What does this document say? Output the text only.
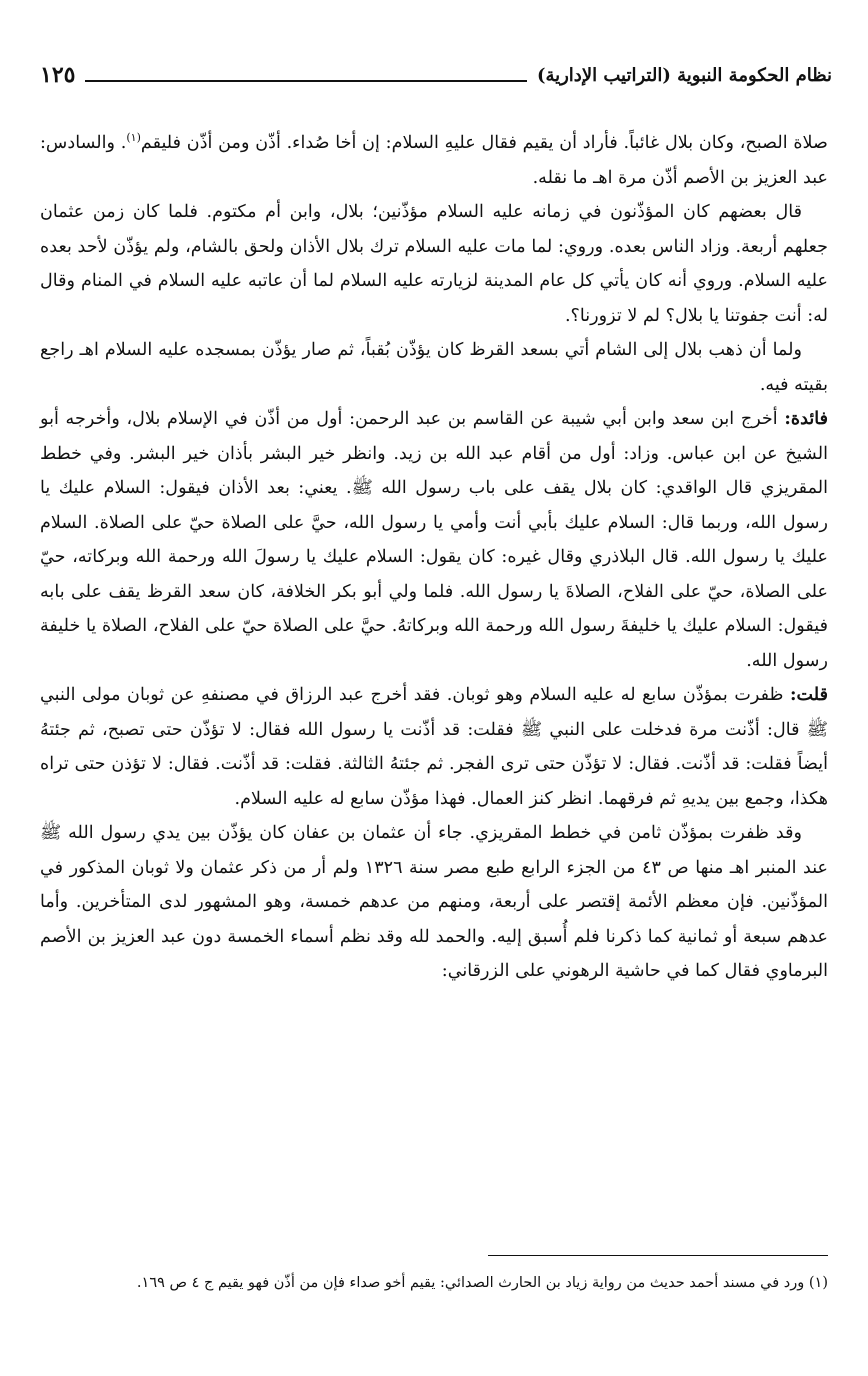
نظام الحكومة النبوية (التراتيب الإدارية)
١٢٥

صلاة الصبح، وكان بلال غائباً. فأراد أن يقيم فقال عليهِ السلام: إن أخا صُداء. أذّن ومن أذّن فليقم$^{(١)}$. والسادس: عبد العزيز بن الأصم أذّن مرة اهـ ما نقله.

قال بعضهم كان المؤذّنون في زمانه عليه السلام مؤذّنين؛ بلال، وابن أم مكتوم. فلما كان زمن عثمان جعلهم أربعة. وزاد الناس بعده. وروي: لما مات عليه السلام ترك بلال الأذان ولحق بالشام، ولم يؤذّن لأحد بعده عليه السلام. وروي أنه كان يأتي كل عام المدينة لزيارته عليه السلام لما أن عاتبه عليه السلام في المنام وقال له: أنت جفوتنا يا بلال؟ لم لا تزورنا؟.

ولما أن ذهب بلال إلى الشام أتي بسعد القرظ كان يؤذّن بُقباً، ثم صار يؤذّن بمسجده عليه السلام اهـ راجع بقيته فيه.

فائدة: أخرج ابن سعد وابن أبي شيبة عن القاسم بن عبد الرحمن: أول من أذّن في الإسلام بلال، وأخرجه أبو الشيخ عن ابن عباس. وزاد: أول من أقام عبد الله بن زيد. وانظر خير البشر بأذان خير البشر. وفي خطط المقريزي قال الواقدي: كان بلال يقف على باب رسول الله ﷺ. يعني: بعد الأذان فيقول: السلام عليك يا رسول الله، وربما قال: السلام عليك بأبي أنت وأمي يا رسول الله، حيَّ على الصلاة حيّ على الصلاة. السلام عليك يا رسول الله. قال البلاذري وقال غيره: كان يقول: السلام عليك يا رسولَ الله ورحمة الله وبركاته، حيّ على الصلاة، حيّ على الفلاح، الصلاةَ يا رسول الله. فلما ولي أبو بكر الخلافة، كان سعد القرظ يقف على بابه فيقول: السلام عليك يا خليفةَ رسول الله ورحمة الله وبركاتهُ. حيَّ على الصلاة حيّ على الفلاح، الصلاة يا خليفة رسول الله.

قلت: ظفرت بمؤذّن سابع له عليه السلام وهو ثوبان. فقد أخرج عبد الرزاق في مصنفهِ عن ثوبان مولى النبي ﷺ قال: أذّنت مرة فدخلت على النبي ﷺ فقلت: قد أذّنت يا رسول الله فقال: لا تؤذّن حتى تصبح، ثم جئتهُ أيضاً فقلت: قد أذّنت. فقال: لا تؤذّن حتى ترى الفجر. ثم جئتهُ الثالثة. فقلت: قد أذّنت. فقال: لا تؤذن حتى تراه هكذا، وجمع بين يديهِ ثم فرقهما. انظر كنز العمال. فهذا مؤذّن سابع له عليه السلام.

وقد ظفرت بمؤذّن ثامن في خطط المقريزي. جاء أن عثمان بن عفان كان يؤذّن بين يدي رسول الله ﷺ عند المنبر اهـ منها ص ٤٣ من الجزء الرابع طبع مصر سنة ١٣٢٦ ولم أر من ذكر عثمان ولا ثوبان المذكور في المؤذّنين. فإن معظم الأئمة إقتصر على أربعة، ومنهم من عدهم خمسة، وهو المشهور لدى المتأخرين. وأما عدهم سبعة أو ثمانية كما ذكرنا فلم أُسبق إليه. والحمد لله وقد نظم أسماء الخمسة دون عبد العزيز بن الأصم البرماوي فقال كما في حاشية الرهوني على الزرقاني:

(١) ورد في مسند أحمد حديث من رواية زياد بن الحارث الصدائي: يقيم أخو صداء فإن من أذّن فهو يقيم ج ٤ ص ١٦٩.
